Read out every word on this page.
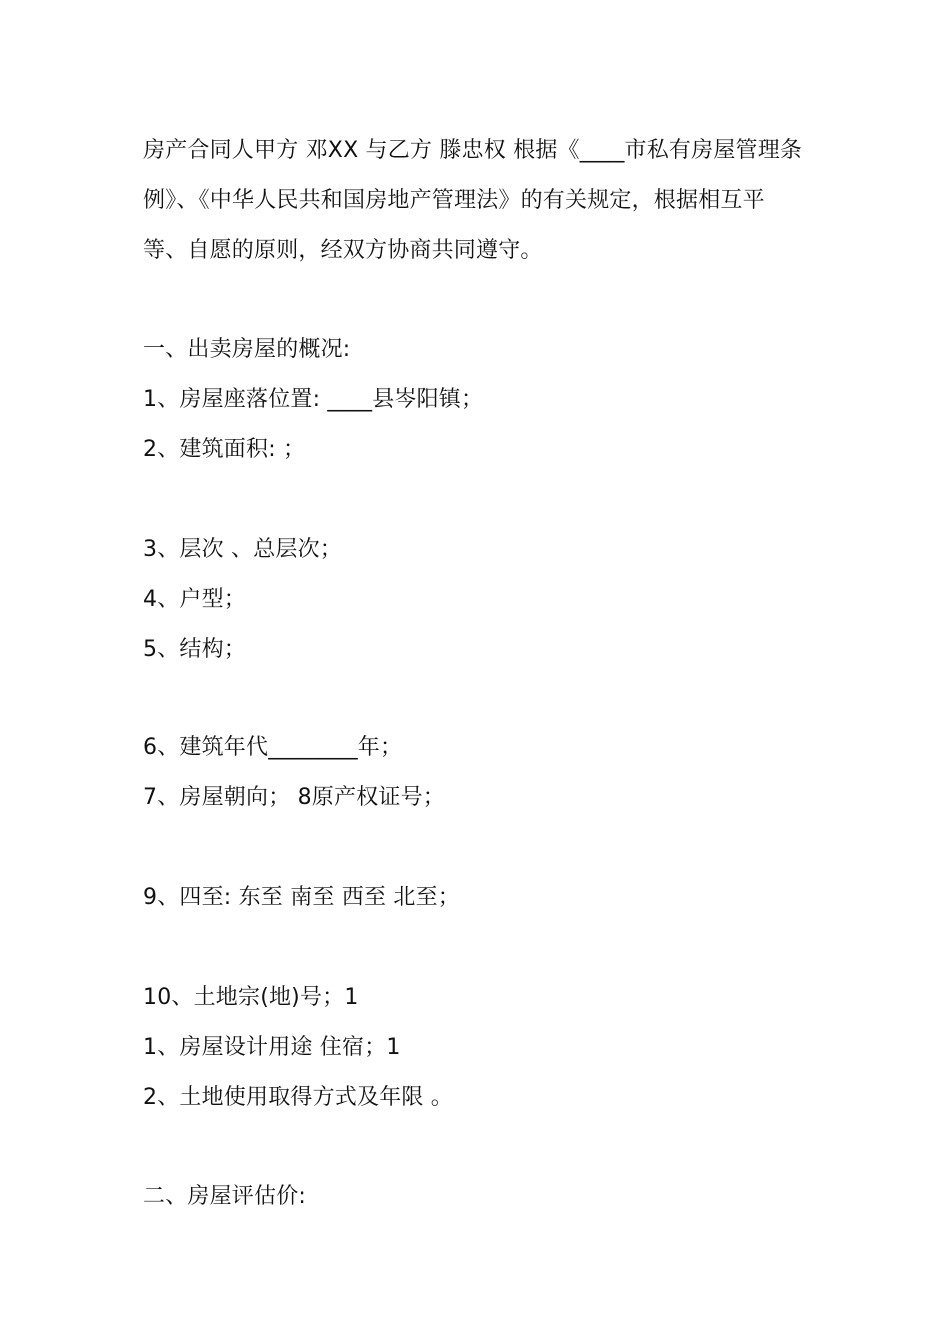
房产合同人甲方 邓XX 与乙方 滕忠权 根据《____市私有房屋管理条
例》、《中华人民共和国房地产管理法》的有关规定，根据相互平
等、自愿的原则，经双方协商共同遵守。
一、出卖房屋的概况:
1、房屋座落位置: ____县岑阳镇；
2、建筑面积: ；
3、层次 、总层次；
4、户型；
5、结构；
6、建筑年代________年；
7、房屋朝向； 8原产权证号；
9、四至: 东至 南至 西至 北至；
10、土地宗(地)号；1
1、房屋设计用途 住宿；1
2、土地使用取得方式及年限 。
二、房屋评估价:
